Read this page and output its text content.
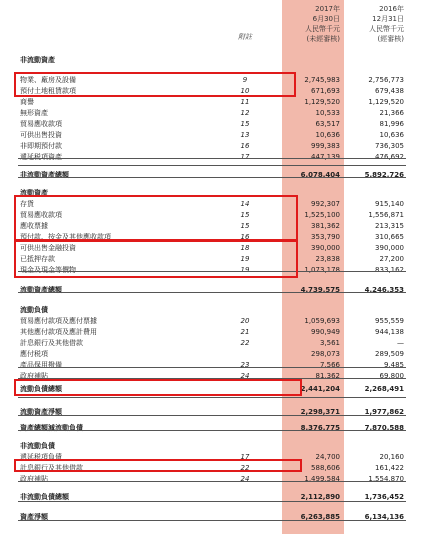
附註
2017年
6月30日
人民幣千元
(未經審核)
2016年
12月31日
人民幣千元
(經審核)
非流動資產
物業、廠房及設備	9	2,745,983	2,756,773
預付土地租賃款項	10	671,693	679,438
商譽	11	1,129,520	1,129,520
無形資產	12	10,533	21,366
貿易應收款項	15	63,517	81,996
可供出售投資	13	10,636	10,636
非即期預付款	16	999,383	736,305
遞延税項資產	17	447,139	476,692
非流動資產總額	6,078,404	5,892,726
流動資產
存貨	14	992,307	915,140
貿易應收款項	15	1,525,100	1,556,871
應收票據	15	381,362	213,315
預付款、按金及其他應收款項	16	353,790	310,665
可供出售金融投資	18	390,000	390,000
已抵押存款	19	23,838	27,200
現金及現金等價物	19	1,073,178	833,162
流動資產總額	4,739,575	4,246,353
流動負債
貿易應付款項及應付票據	20	1,059,693	955,559
其他應付款項及應計費用	21	990,949	944,138
計息銀行及其他借款	22	3,561	—
應付税項	298,073	289,509
產品保用撥備	23	7,566	9,485
政府補貼	24	81,362	69,800
流動負債總額	2,441,204	2,268,491
流動資產淨額	2,298,371	1,977,862
資產總額減流動負債	8,376,775	7,870,588
非流動負債
遞延税項負債	17	24,700	20,160
計息銀行及其他借款	22	588,606	161,422
政府補貼	24	1,499,584	1,554,870
非流動負債總額	2,112,890	1,736,452
資產淨額	6,263,885	6,134,136
